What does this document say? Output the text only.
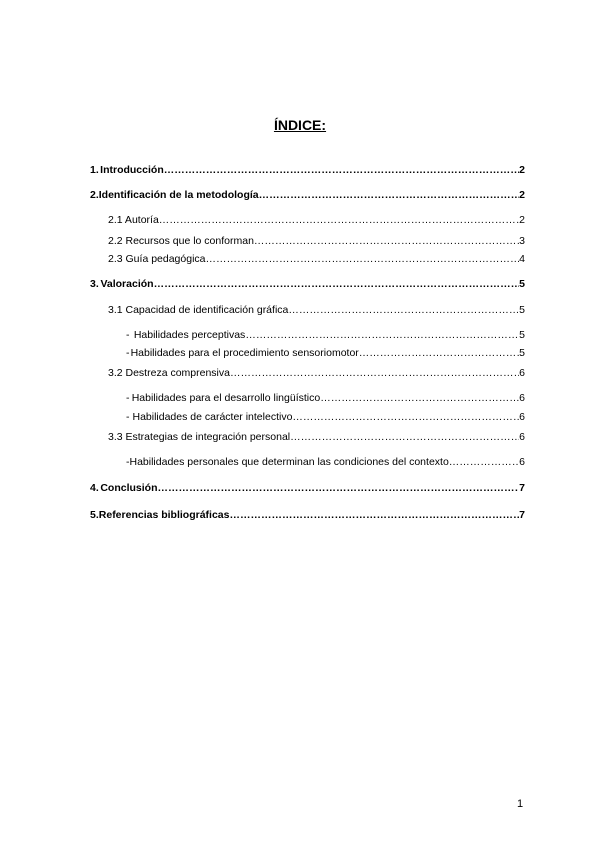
ÍNDICE:
1. Introducción ………………………………………………………………………………………………………………………………………………………………	2
2. Identificación de la metodología ………………………………………………………………………………………………………………………………………………………………	2
2.1 Autoría ………………………………………………………………………………………………………………………………………………………………	2
2.2 Recursos que lo conforman ………………………………………………………………………………………………………………………………………………………………	3
2.3 Guía pedagógica ………………………………………………………………………………………………………………………………………………………………	4
3. Valoración ………………………………………………………………………………………………………………………………………………………………	5
3.1 Capacidad de identificación gráfica ………………………………………………………………………………………………………………………………………………………………	5
- Habilidades perceptivas ………………………………………………………………………………………………………………………………………………………………	5
- Habilidades para el procedimiento sensoriomotor ………………………………………………………………………………………………………………………………………………………………	5
3.2 Destreza comprensiva ………………………………………………………………………………………………………………………………………………………………	6
- Habilidades para el desarrollo lingüístico ………………………………………………………………………………………………………………………………………………………………	6
- Habilidades de carácter intelectivo ………………………………………………………………………………………………………………………………………………………………	6
3.3 Estrategias de integración personal ………………………………………………………………………………………………………………………………………………………………	6
- Habilidades personales que determinan las condiciones del contexto ………………………………………………………………………………………………………………………………………………………………	6
4. Conclusión ………………………………………………………………………………………………………………………………………………………………	7
5. Referencias bibliográficas ………………………………………………………………………………………………………………………………………………………………	7
1
